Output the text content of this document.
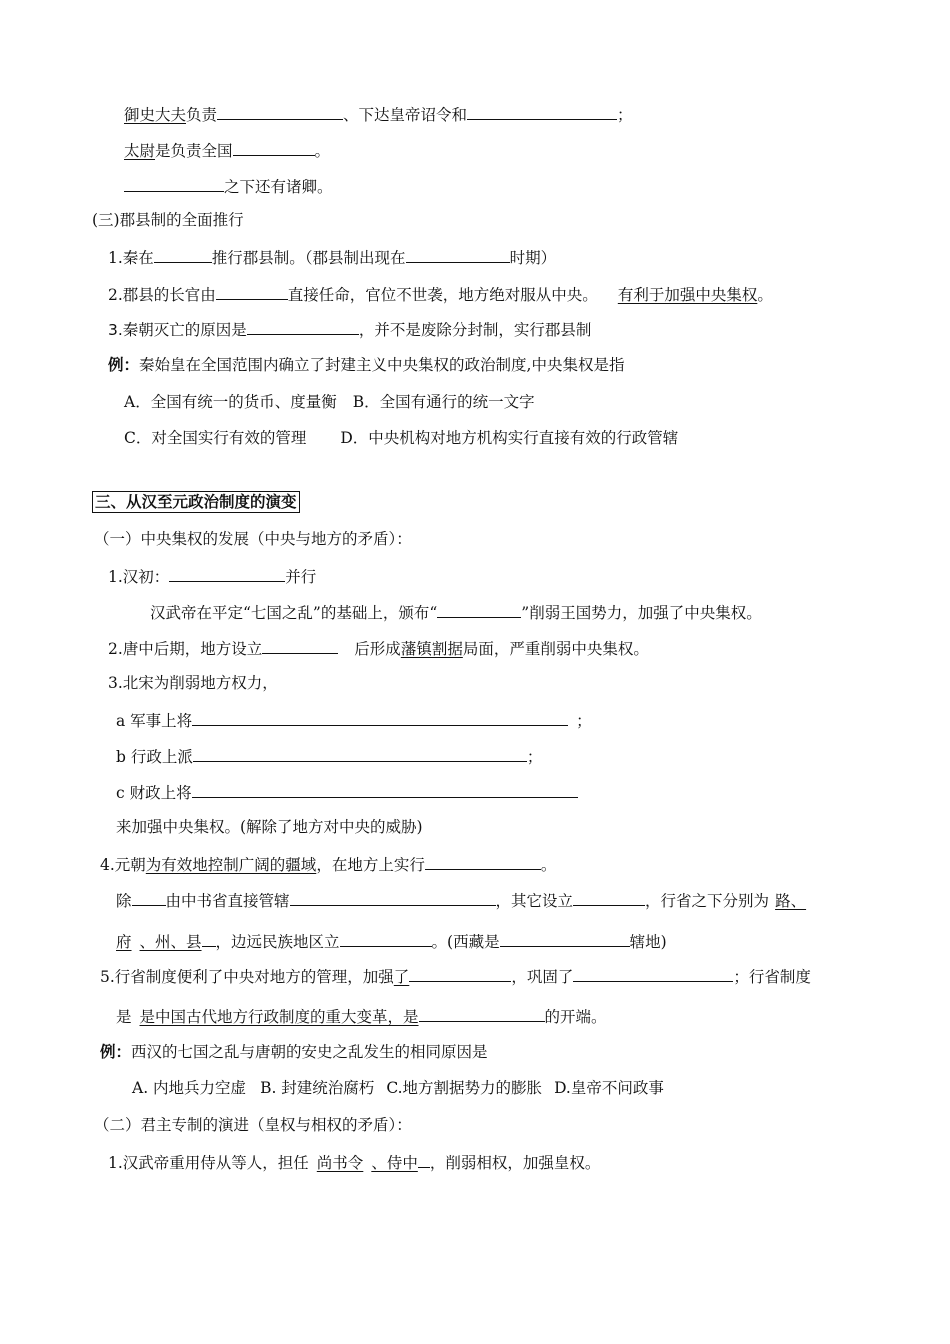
御史大夫负责	、下达皇帝诏令和	；
太尉是负责全国	。
之下还有诸卿。
(三)郡县制的全面推行
1.秦在	推行郡县制。（郡县制出现在	时期）
2.郡县的长官由	直接任命，官位不世袭，地方绝对服从中央。 有利于加强中央集权。
3.秦朝灭亡的原因是	，并不是废除分封制，实行郡县制
例：秦始皇在全国范围内确立了封建主义中央集权的政治制度,中央集权是指
A．全国有统一的货币、度量衡 B．全国有通行的统一文字
C．对全国实行有效的管理 D．中央机构对地方机构实行直接有效的行政管辖
三、从汉至元政治制度的演变
（一）中央集权的发展（中央与地方的矛盾）：
1.汉初：	并行
汉武帝在平定“七国之乱”的基础上，颁布“	”削弱王国势力，加强了中央集权。
2.唐中后期，地方设立	后形成藩镇割据局面，严重削弱中央集权。
3.北宋为削弱地方权力，
a 军事上将	；
b 行政上派	；
c 财政上将
来加强中央集权。(解除了地方对中央的威胁)
4.元朝为有效地控制广阔的疆域，在地方上实行	。
除 由中书省直接管辖	，其它设立	，行省之下分别为 路、
府 、州、县 ，边远民族地区立	。(西藏是	辖地)
5.行省制度便利了中央对地方的管理，加强了	，巩固了	；行省制度
是 是中国古代地方行政制度的重大变革，是	的开端。
例：西汉的七国之乱与唐朝的安史之乱发生的相同原因是
A. 内地兵力空虚 B. 封建统治腐朽 C.地方割据势力的膨胀 D.皇帝不问政事
（二）君主专制的演进（皇权与相权的矛盾）：
1.汉武帝重用侍从等人，担任 尚书令 、侍中 ，削弱相权，加强皇权。
